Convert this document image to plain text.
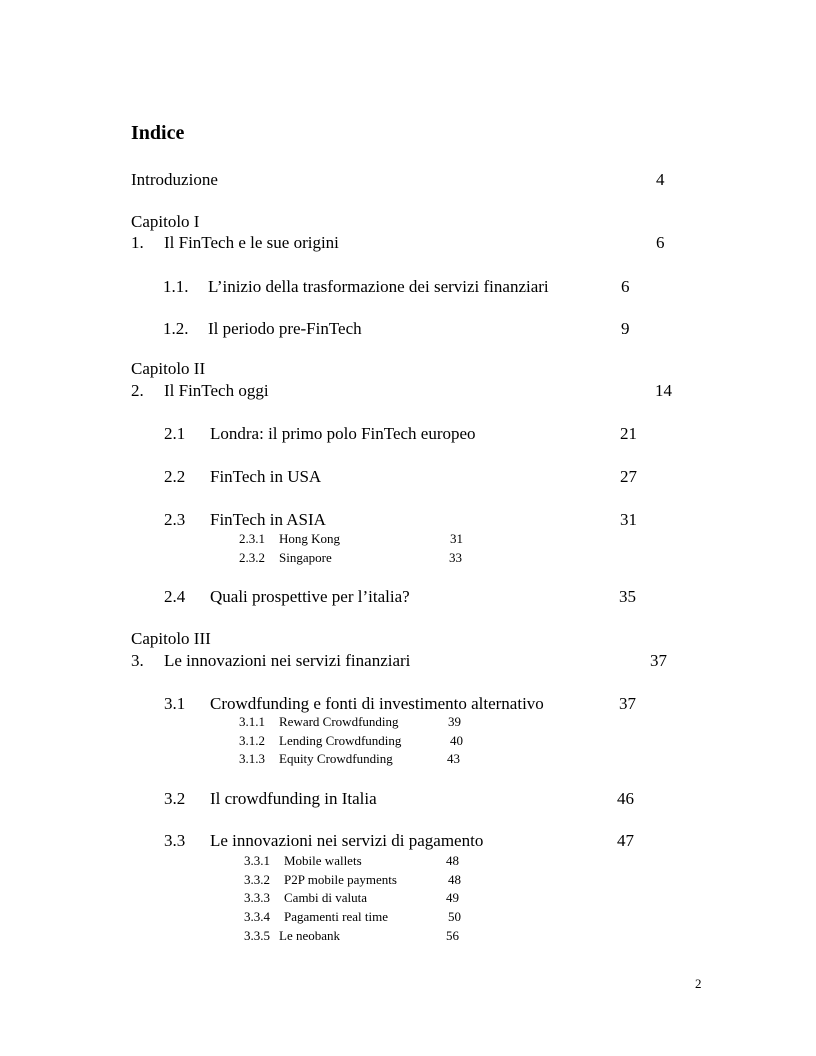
Indice
Introduzione	4
Capitolo I
1. Il FinTech e le sue origini	6
1.1. L’inizio della trasformazione dei servizi finanziari	6
1.2. Il periodo pre-FinTech	9
Capitolo II
2. Il FinTech oggi	14
2.1 Londra: il primo polo FinTech europeo	21
2.2 FinTech in USA	27
2.3 FinTech in ASIA	31
2.3.1 Hong Kong	31
2.3.2 Singapore	33
2.4 Quali prospettive per l’italia?	35
Capitolo III
3. Le innovazioni nei servizi finanziari	37
3.1 Crowdfunding e fonti di investimento alternativo	37
3.1.1 Reward Crowdfunding	39
3.1.2 Lending Crowdfunding	40
3.1.3 Equity Crowdfunding	43
3.2 Il crowdfunding in Italia	46
3.3 Le innovazioni nei servizi di pagamento	47
3.3.1 Mobile wallets	48
3.3.2 P2P mobile payments	48
3.3.3 Cambi di valuta	49
3.3.4 Pagamenti real time	50
3.3.5 Le neobank	56
2
